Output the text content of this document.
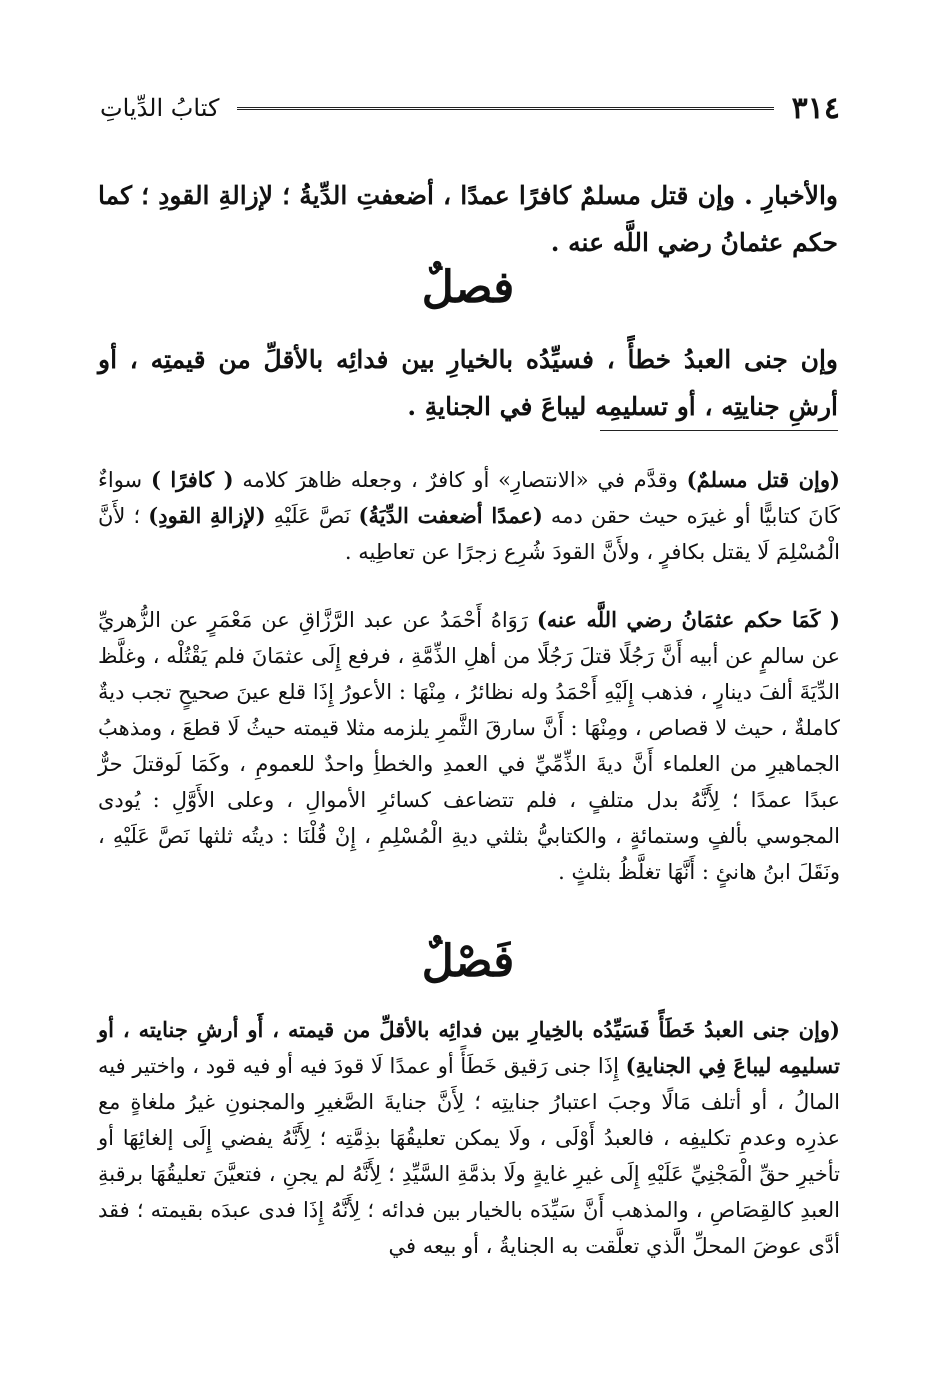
٣١٤
كتابُ الدِّياتِ
والأخبارِ . وإن قتل مسلمٌ كافرًا عمدًا ، أضعفتِ الدِّيةُ ؛ لإزالةِ القودِ ؛ كما حكم عثمانُ رضي اللَّه عنه .
فصلٌ
وإن جنى العبدُ خطأً ، فسيِّدُه بالخيارِ بين فدائِه بالأقلِّ من قيمتِه ، أو أرشِ جنايتِه ، أو تسليمِه ليباعَ في الجنايةِ .
(وإن قتل مسلمٌ) وقدَّم في «الانتصارِ» أو كافرٌ ، وجعله ظاهرَ كلامه ( كافرًا ) سواءٌ كَانَ كتابيًّا أو غيرَه حيث حقن دمه (عمدًا أضعفت الدِّيَةُ) نَصَّ عَلَيْهِ (لإزالةِ القودِ) ؛ لأَنَّ الْمُسْلِمَ لَا يقتل بكافرٍ ، ولأَنَّ القودَ شُرِع زجرًا عن تعاطِيه .
( كَمَا حكم عثمَانُ رضي اللَّه عنه) رَوَاهُ أَحْمَدُ عن عبد الرَّزَّاقِ عن مَعْمَرٍ عن الزُّهريِّ عن سالمٍ عن أبيه أَنَّ رَجُلًا قتلَ رَجُلًا من أهلِ الذِّمَّةِ ، فرفع إِلَى عثمَانَ فلم يَقْتُلْه ، وغلَّظ الدِّيَةَ ألفَ دينارٍ ، فذهب إِلَيْهِ أَحْمَدُ وله نظائرُ ، مِنْهَا : الأعورُ إِذَا قلع عينَ صحيحٍ تجب ديةٌ كاملةٌ ، حيث لا قصاص ، ومِنْهَا : أَنَّ سارقَ الثَّمرِ يلزمه مثلا قيمته حيثُ لَا قطعَ ، ومذهبُ الجماهيرِ من العلماء أَنَّ ديةَ الذِّمِّيِّ في العمدِ والخطأِ واحدٌ للعمومِ ، وكَمَا لَوقتلَ حرٌّ عبدًا عمدًا ؛ لِأَنَّهُ بدل متلفٍ ، فلم تتضاعف كسائرِ الأموالِ ، وعلى الأَوَّلِ : يُودى المجوسي بألفٍ وستمائةٍ ، والكتابيُّ بثلثي ديةِ الْمُسْلِمِ ، إِنْ قُلْنَا : ديتُه ثلثها نَصَّ عَلَيْهِ ، ونَقَلَ ابنُ هانئٍ : أَنَّهَا تغلَّظُ بثلثٍ .
فَصْلٌ
(وإن جنى العبدُ خَطَأً فَسَيِّدُه بالخِيارِ بين فدائِه بالأقلِّ من قيمته ، أَو أرشِ جنايته ، أو تسليمِه ليباعَ فِي الجنايةِ) إِذَا جنى رَقيق خَطَأً أو عمدًا لَا قودَ فيه أو فيه قود ، واختير فيه المالُ ، أو أتلف مَالًا وجبَ اعتبارُ جنايتِه ؛ لِأَنَّ جنايةَ الصَّغيرِ والمجنونِ غيرُ ملغاةٍ مع عذرِه وعدمِ تكليفِه ، فالعبدُ أَوْلَى ، ولَا يمكن تعليقُهَا بذِمَّتِه ؛ لِأَنَّهُ يفضي إِلَى إلغائِهَا أو تأخيرِ حقِّ الْمَجْنِيِّ عَلَيْهِ إِلَى غيرِ غايةٍ ولَا بذمَّةِ السَّيِّدِ ؛ لِأَنَّهُ لم يجنِ ، فتعيَّنَ تعليقُهَا برقبةِ العبدِ كالقِصَاصِ ، والمذهب أَنَّ سَيِّدَه بالخيار بين فدائه ؛ لِأَنَّهُ إِذَا فدى عبدَه بقيمته ؛ فقد أدَّى عوضَ المحلِّ الَّذي تعلَّقت به الجنايةُ ، أو بيعه في
